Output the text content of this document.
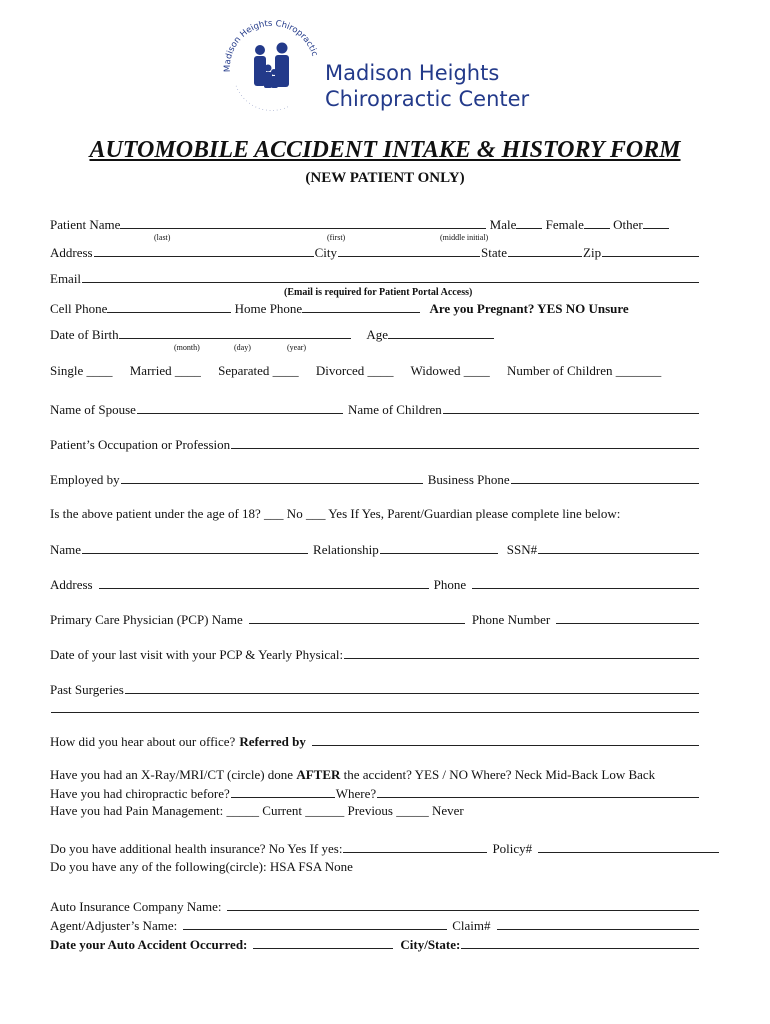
Madison Heights Chiropractic
· · · · · · · · · · · · · · · · · ·
Madison Heights
Chiropractic Center
AUTOMOBILE ACCIDENT INTAKE & HISTORY FORM
(NEW PATIENT ONLY)
Patient Name	Male Female Other
(last)	(first)	(middle initial)
Address	City	State	Zip
Email
(Email is required for Patient Portal Access)
Cell Phone	Home Phone	Are you Pregnant? YES NO Unsure
Date of Birth	Age
(month)	(day)	(year)
Single ____ Married ____ Separated ____ Divorced ____ Widowed ____ Number of Children _______
Name of Spouse	Name of Children
Patient’s Occupation or Profession
Employed by	Business Phone
Is the above patient under the age of 18? ___ No ___ Yes If Yes, Parent/Guardian please complete line below:
Name	Relationship	SSN#
Address	Phone
Primary Care Physician (PCP) Name	Phone Number
Date of your last visit with your PCP & Yearly Physical:
Past Surgeries
How did you hear about our office? Referred by
Have you had an X-Ray/MRI/CT (circle) done AFTER the accident? YES / NO Where? Neck Mid-Back Low Back
Have you had chiropractic before?	Where?
Have you had Pain Management: _____ Current ______ Previous _____ Never
Do you have additional health insurance? No Yes If yes:	Policy#
Do you have any of the following(circle): HSA FSA None
Auto Insurance Company Name:
Agent/Adjuster’s Name:	Claim#
Date your Auto Accident Occurred:	City/State:
